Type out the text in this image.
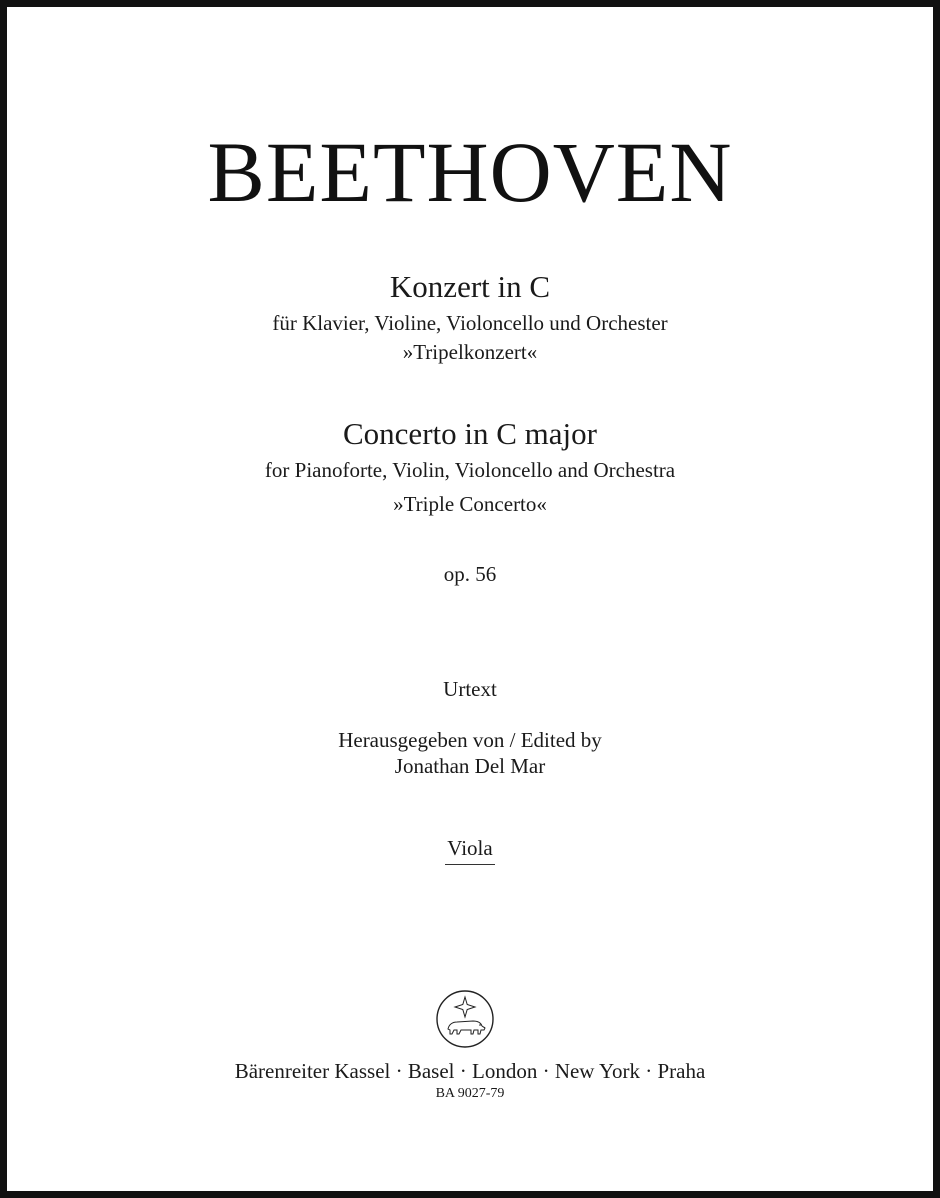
BEETHOVEN
Konzert in C
für Klavier, Violine, Violoncello und Orchester
»Tripelkonzert«
Concerto in C major
for Pianoforte, Violin, Violoncello and Orchestra
»Triple Concerto«
op. 56
Urtext
Herausgegeben von / Edited by
Jonathan Del Mar
Viola
Bärenreiter Kassel · Basel · London · New York · Praha
BA 9027-79
